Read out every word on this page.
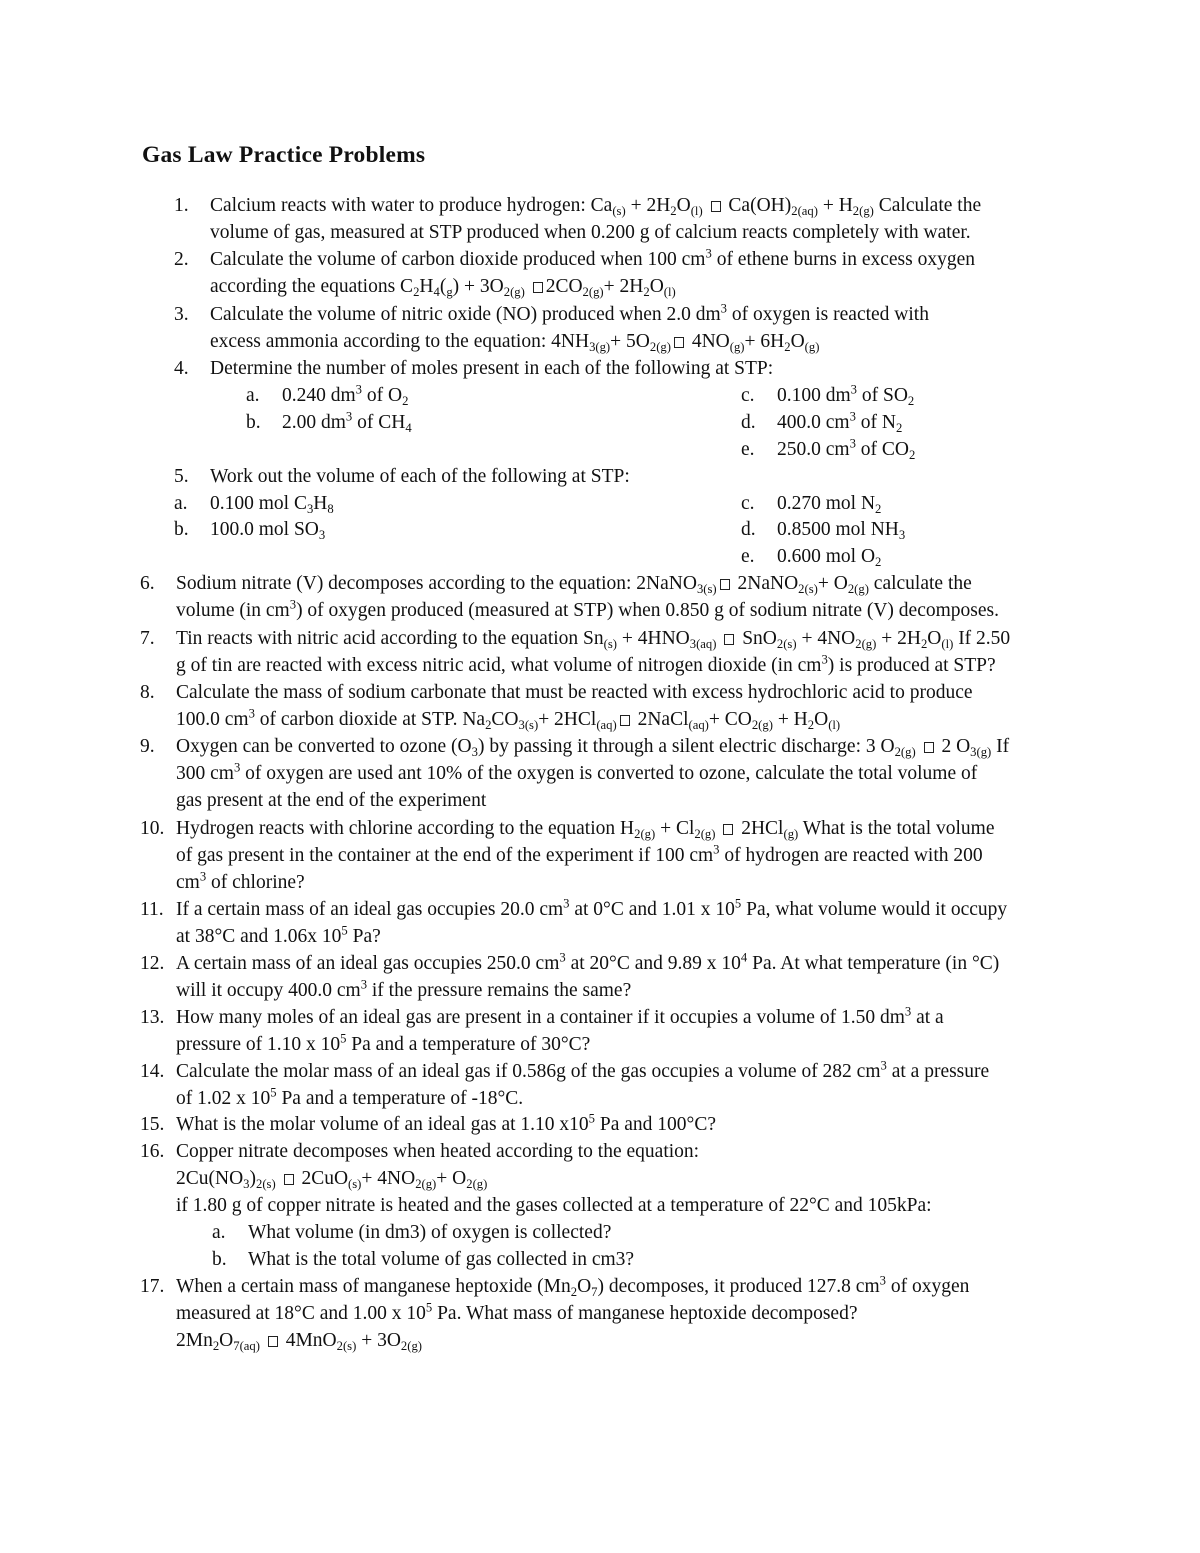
Gas Law Practice Problems
1. Calcium reacts with water to produce hydrogen: $Ca_{(s)} + 2H_2O_{(l)}$  $Ca(OH)_{2(aq)} + H_{2(g)}$ Calculate the
volume of gas, measured at STP produced when 0.200 g of calcium reacts completely with water.
2. Calculate the volume of carbon dioxide produced when 100 $cm^3$ of ethene burns in excess oxygen
according the equations $C_2H_4(_g) + 3O_{2(g)}$ $2CO_{2(g)}+ 2H_2O_{(l)}$
3. Calculate the volume of nitric oxide (NO) produced when 2.0 $dm^3$ of oxygen is reacted with
excess ammonia according to the equation: $4NH_{3(g)}+ 5O_{2(g)}$ $4NO_{(g)}+ 6H_2O_{(g)}$
4. Determine the number of moles present in each of the following at STP:
a. 0.240 $dm^3$ of $O_2$	c. 0.100 $dm^3$ of $SO_2$
b. 2.00 $dm^3$ of $CH_4$	d. 400.0 $cm^3$ of $N_2$
e. 250.0 $cm^3$ of $CO_2$
5. Work out the volume of each of the following at STP:
a. 0.100 mol $C_3H_8$	c. 0.270 mol $N_2$
b. 100.0 mol $SO_3$	d. 0.8500 mol $NH_3$
e. 0.600 mol $O_2$
6. Sodium nitrate (V) decomposes according to the equation: 2NaNO$_{3(s)}$ 2NaNO$_{2(s)}$+ $O_{2(g)}$ calculate the
volume (in $cm^3$) of oxygen produced (measured at STP) when 0.850 g of sodium nitrate (V) decomposes.
7. Tin reacts with nitric acid according to the equation $Sn_{(s)} + 4HNO_{3(aq)}$  $SnO_{2(s)} + 4NO_{2(g)} + 2H_2O_{(l)}$ If 2.50
g of tin are reacted with excess nitric acid, what volume of nitrogen dioxide (in $cm^3$) is produced at STP?
8. Calculate the mass of sodium carbonate that must be reacted with excess hydrochloric acid to produce
100.0 $cm^3$ of carbon dioxide at STP. $Na_2CO_{3(s)}+ 2HCl_{(aq)}$ 2NaCl$_{(aq)}$+ $CO_{2(g)} + H_2O_{(l)}$
9. Oxygen can be converted to ozone $(O_3)$ by passing it through a silent electric discharge: 3 $O_{2(g)}$  2 $O_{3(g)}$ If
300 $cm^3$ of oxygen are used ant 10% of the oxygen is converted to ozone, calculate the total volume of
gas present at the end of the experiment
10. Hydrogen reacts with chlorine according to the equation $H_{2(g)} + Cl_{2(g)}$  2HCl$_{(g)}$ What is the total volume
of gas present in the container at the end of the experiment if 100 $cm^3$ of hydrogen are reacted with 200
$cm^3$ of chlorine?
11. If a certain mass of an ideal gas occupies 20.0 $cm^3$ at 0°C and 1.01 x $10^5$ Pa, what volume would it occupy
at 38°C and 1.06x $10^5$ Pa?
12. A certain mass of an ideal gas occupies 250.0 $cm^3$ at 20°C and 9.89 x $10^4$ Pa. At what temperature (in °C)
will it occupy 400.0 $cm^3$ if the pressure remains the same?
13. How many moles of an ideal gas are present in a container if it occupies a volume of 1.50 $dm^3$ at a
pressure of 1.10 x $10^5$ Pa and a temperature of 30°C?
14. Calculate the molar mass of an ideal gas if 0.586g of the gas occupies a volume of 282 $cm^3$ at a pressure
of 1.02 x $10^5$ Pa and a temperature of -18°C.
15. What is the molar volume of an ideal gas at 1.10 $x10^5$ Pa and 100°C?
16. Copper nitrate decomposes when heated according to the equation:
$2Cu(NO_3)_{2(s)}$  $2CuO_{(s)}+ 4NO_{2(g)}+ O_{2(g)}$
if 1.80 g of copper nitrate is heated and the gases collected at a temperature of 22°C and 105kPa:
a. What volume (in dm3) of oxygen is collected?
b. What is the total volume of gas collected in cm3?
17. When a certain mass of manganese heptoxide $(Mn_2O_7)$ decomposes, it produced 127.8 $cm^3$ of oxygen
measured at 18°C and 1.00 x $10^5$ Pa. What mass of manganese heptoxide decomposed?
$2Mn_2O_{7(aq)}$  $4MnO_{2(s)} + 3O_{2(g)}$
